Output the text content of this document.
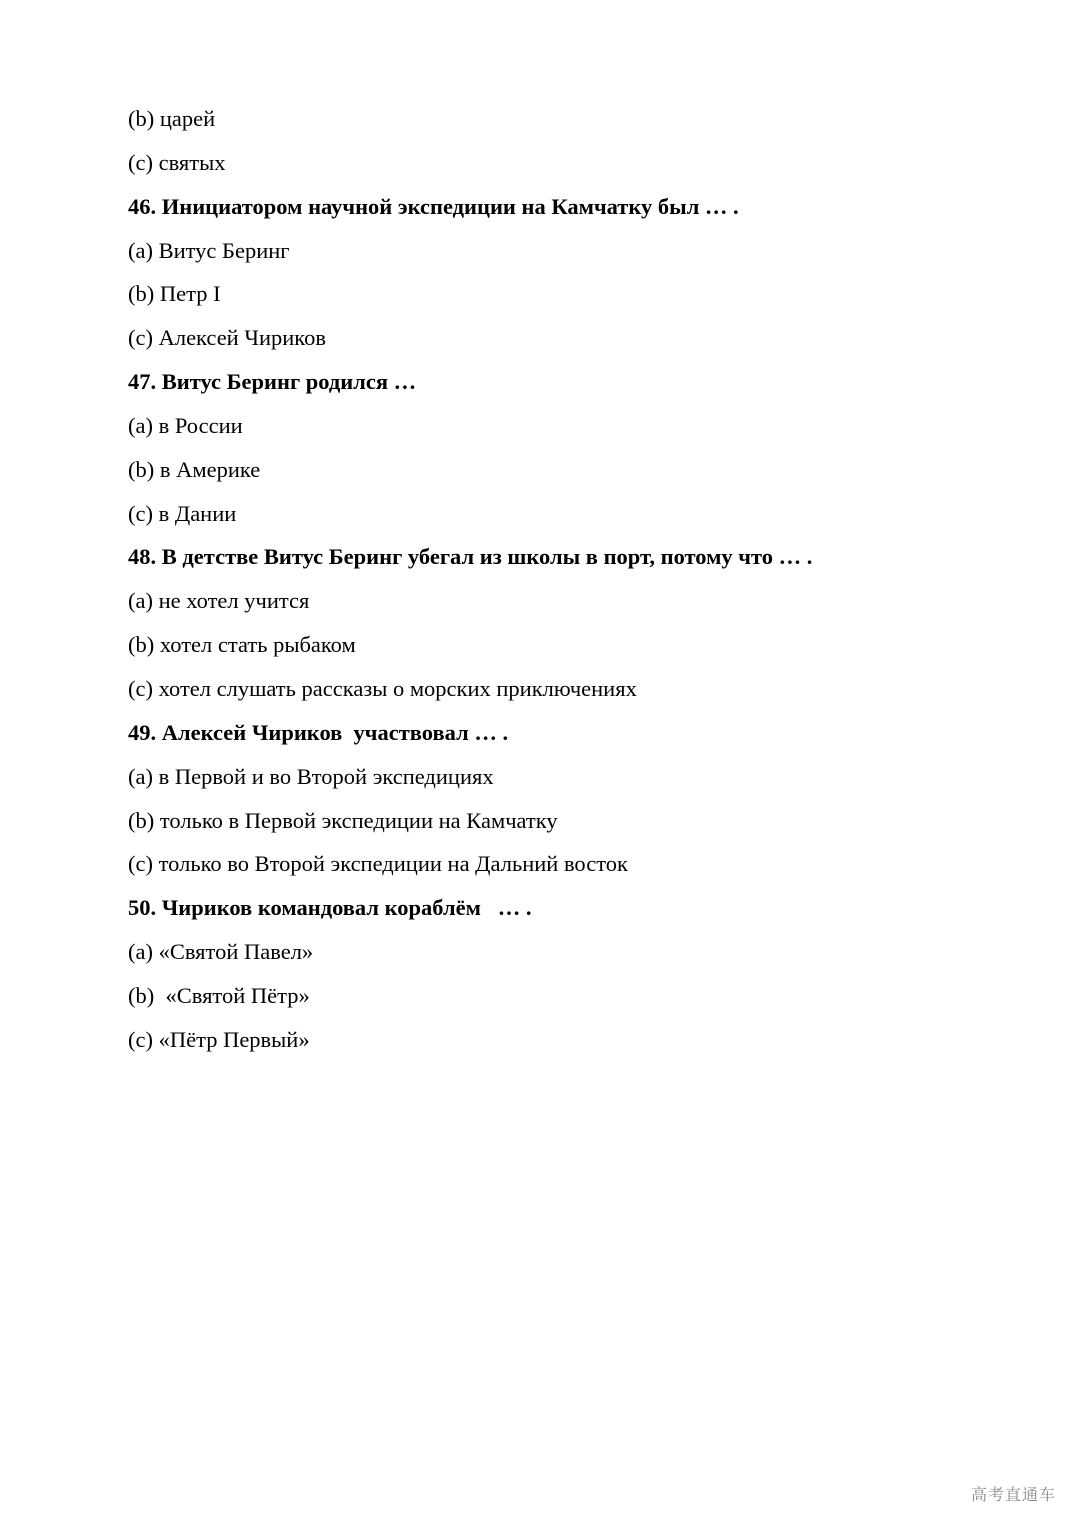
(b) царей
(c) святых
46. Инициатором научной экспедиции на Камчатку был … .
(a) Витус Беринг
(b) Петр I
(c) Алексей Чириков
47. Витус Беринг родился …
(a) в России
(b) в Америке
(c) в Дании
48. В детстве Витус Беринг убегал из школы в порт, потому что … .
(a) не хотел учится
(b) хотел стать рыбаком
(c) хотел слушать рассказы о морских приключениях
49. Алексей Чириков  участвовал … .
(a) в Первой и во Второй экспедициях
(b) только в Первой экспедиции на Камчатку
(c) только во Второй экспедиции на Дальний восток
50. Чириков командовал кораблём   … .
(a) «Святой Павел»
(b)  «Святой Пётр»
(c) «Пётр Первый»
高考直通车
